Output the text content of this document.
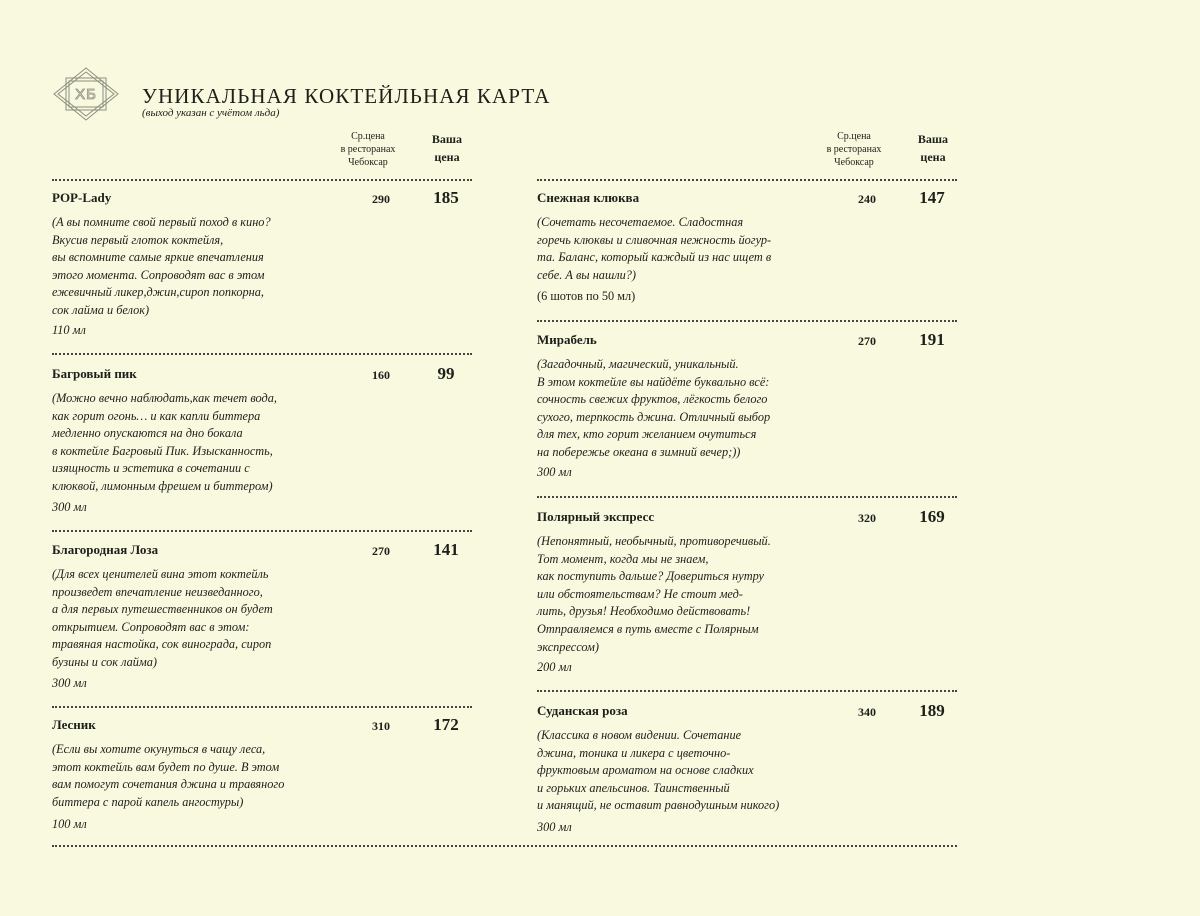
ХБ УНИКАЛЬНАЯ КОКТЕЙЛЬНАЯ КАРТА
(выход указан с учётом льда)
Ср.цена
в ресторанах
Чебоксар
Ваша
цена
Ср.цена
в ресторанах
Чебоксар
Ваша
цена
POP-Lady	290	185
(А вы помните свой первый поход в кино?
Вкусив первый глоток коктейля,
вы вспомните самые яркие впечатления
этого момента. Сопроводят вас в этом
ежевичный ликер,джин,сироп попкорна,
сок лайма и белок)
110 мл
Багровый пик	160	99
(Можно вечно наблюдать,как течет вода,
как горит огонь… и как капли биттера
медленно опускаются на дно бокала
в коктейле Багровый Пик. Изысканность,
изящность и эстетика в сочетании с
клюквой, лимонным фрешем и биттером)
300 мл
Благородная Лоза	270	141
(Для всех ценителей вина этот коктейль
произведет впечатление неизведанного,
а для первых путешественников он будет
открытием. Сопроводят вас в этом:
травяная настойка, сок винограда, сироп
бузины и сок лайма)
300 мл
Лесник	310	172
(Если вы хотите окунуться в чащу леса,
этот коктейль вам будет по душе. В этом
вам помогут сочетания джина и травяного
биттера с парой капель ангостуры)
100 мл
Снежная клюква	240	147
(Сочетать несочетаемое. Сладостная
горечь клюквы и сливочная нежность йогур-
та. Баланс, который каждый из нас ищет в
себе. А вы нашли?)
(6 шотов по 50 мл)
Мирабель	270	191
(Загадочный, магический, уникальный.
В этом коктейле вы найдёте буквально всё:
сочность свежих фруктов, лёгкость белого
сухого, терпкость джина. Отличный выбор
для тех, кто горит желанием очутиться
на побережье океана в зимний вечер;))
300 мл
Полярный экспресс	320	169
(Непонятный, необычный, противоречивый.
Тот момент, когда мы не знаем,
как поступить дальше? Довериться нутру
или обстоятельствам? Не стоит мед-
лить, друзья! Необходимо действовать!
Отправляемся в путь вместе с Полярным
экспрессом)
200 мл
Суданская роза	340	189
(Классика в новом видении. Сочетание
джина, тоника и ликера с цветочно-
фруктовым ароматом на основе сладких
и горьких апельсинов. Таинственный
и манящий, не оставит равнодушным никого)
300 мл
